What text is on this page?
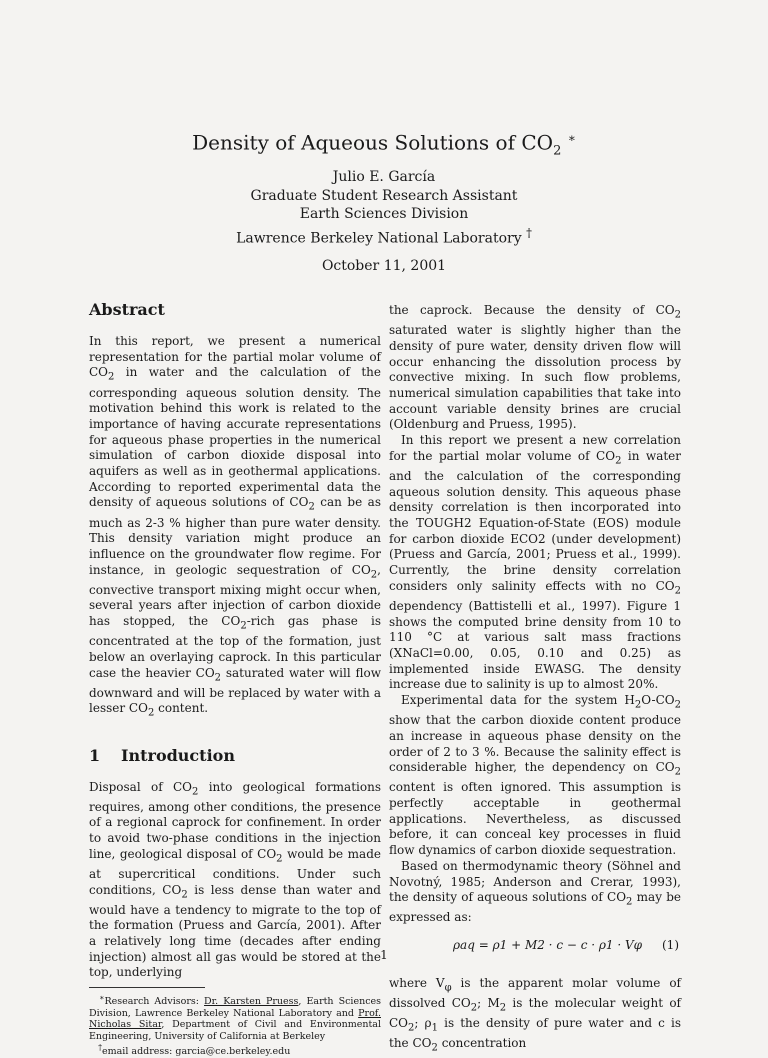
Density of Aqueous Solutions of $CO_2$ ∗
Julio E. García
Graduate Student Research Assistant
Earth Sciences Division
Lawrence Berkeley National Laboratory †
October 11, 2001
Abstract

In this report, we present a numerical representation for the partial molar volume of $CO_2$ in water and the calculation of the corresponding aqueous solution density. The motivation behind this work is related to the importance of having accurate representations for aqueous phase properties in the numerical simulation of carbon dioxide disposal into aquifers as well as in geothermal applications. According to reported experimental data the density of aqueous solutions of $CO_2$ can be as much as 2-3 % higher than pure water density. This density variation might produce an influence on the groundwater flow regime. For instance, in geologic sequestration of $CO_2$, convective transport mixing might occur when, several years after injection of carbon dioxide has stopped, the $CO_2$-rich gas phase is concentrated at the top of the formation, just below an overlaying caprock. In this particular case the heavier $CO_2$ saturated water will flow downward and will be replaced by water with a lesser $CO_2$ content.

1 Introduction

Disposal of $CO_2$ into geological formations requires, among other conditions, the presence of a regional caprock for confinement. In order to avoid two-phase conditions in the injection line, geological disposal of $CO_2$ would be made at supercritical conditions. Under such conditions, $CO_2$ is less dense than water and would have a tendency to migrate to the top of the formation (Pruess and García, 2001). After a relatively long time (decades after ending injection) almost all gas would be stored at the top, underlying

∗Research Advisors: Dr. Karsten Pruess, Earth Sciences Division, Lawrence Berkeley National Laboratory and Prof. Nicholas Sitar, Department of Civil and Environmental Engineering, University of California at Berkeley

†email address: garcia@ce.berkeley.edu

the caprock. Because the density of $CO_2$ saturated water is slightly higher than the density of pure water, density driven flow will occur enhancing the dissolution process by convective mixing. In such flow problems, numerical simulation capabilities that take into account variable density brines are crucial (Oldenburg and Pruess, 1995).

In this report we present a new correlation for the partial molar volume of $CO_2$ in water and the calculation of the corresponding aqueous solution density. This aqueous phase density correlation is then incorporated into the TOUGH2 Equation-of-State (EOS) module for carbon dioxide ECO2 (under development) (Pruess and García, 2001; Pruess et al., 1999). Currently, the brine density correlation considers only salinity effects with no $CO_2$ dependency (Battistelli et al., 1997). Figure 1 shows the computed brine density from 10 to 110 °C at various salt mass fractions (XNaCl=0.00, 0.05, 0.10 and 0.25) as implemented inside EWASG. The density increase due to salinity is up to almost 20%.

Experimental data for the system $H_2O-CO_2$ show that the carbon dioxide content produce an increase in aqueous phase density on the order of 2 to 3 %. Because the salinity effect is considerable higher, the dependency on $CO_2$ content is often ignored. This assumption is perfectly acceptable in geothermal applications. Nevertheless, as discussed before, it can conceal key processes in fluid flow dynamics of carbon dioxide sequestration.

Based on thermodynamic theory (Söhnel and Novotný, 1985; Anderson and Crerar, 1993), the density of aqueous solutions of $CO_2$ may be expressed as:

ρaq = ρ1 + M2 · c − c · ρ1 · Vφ (1)

where $V_\varphi$ is the apparent molar volume of dissolved $CO_2$; $M_2$ is the molecular weight of $CO_2$; $\rho_1$ is the density of pure water and c is the $CO_2$ concentration

1
